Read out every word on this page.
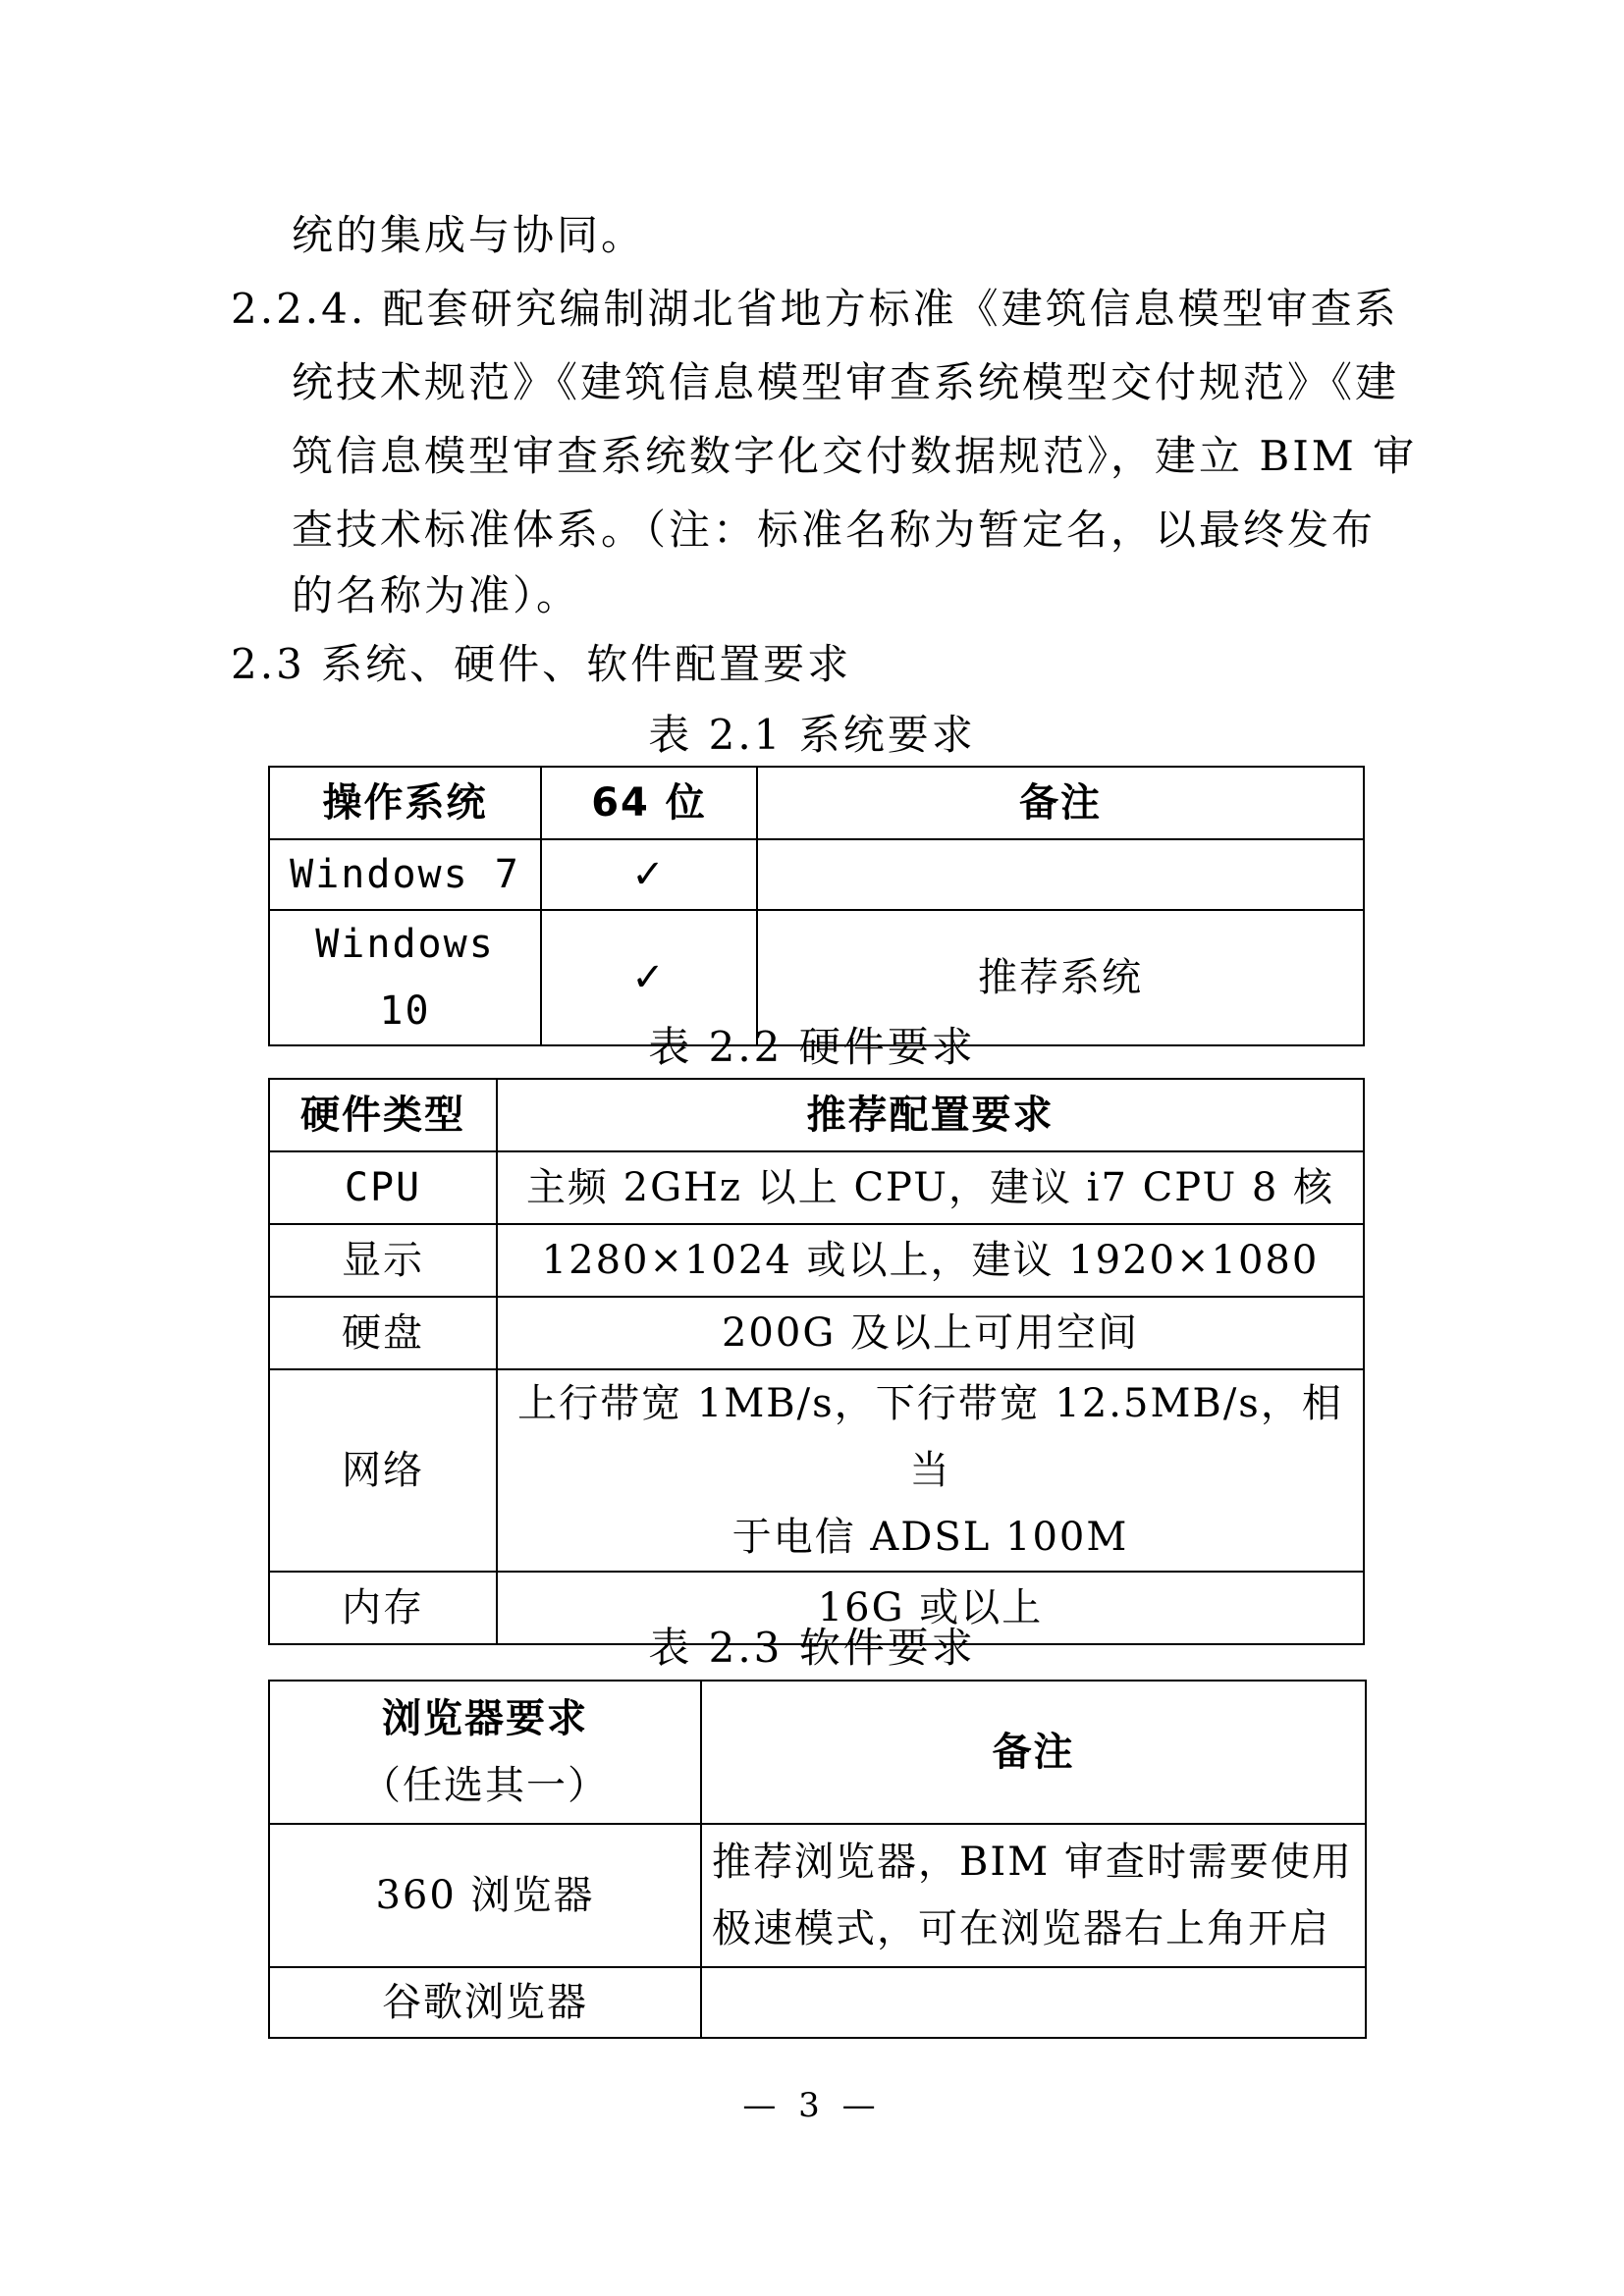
统的集成与协同。
2.2.4. 配套研究编制湖北省地方标准《建筑信息模型审查系
统技术规范》《建筑信息模型审查系统模型交付规范》《建
筑信息模型审查系统数字化交付数据规范》，建立 BIM 审
查技术标准体系。（注：标准名称为暂定名，以最终发布
的名称为准）。
2.3 系统、硬件、软件配置要求
表 2.1 系统要求
操作系统	64 位	备注
Windows 7	✓	
Windows 10	✓	推荐系统
表 2.2 硬件要求
硬件类型	推荐配置要求
CPU	主频 2GHz 以上 CPU，建议 i7 CPU 8 核
显示	1280×1024 或以上，建议 1920×1080
硬盘	200G 及以上可用空间
网络	上行带宽 1MB/s，下行带宽 12.5MB/s，相当
于电信 ADSL 100M

内存	16G 或以上
表 2.3 软件要求
浏览器要求
（任选其一）	备注
360 浏览器	推荐浏览器，BIM 审查时需要使用
极速模式，可在浏览器右上角开启

谷歌浏览器	
— 3 —
